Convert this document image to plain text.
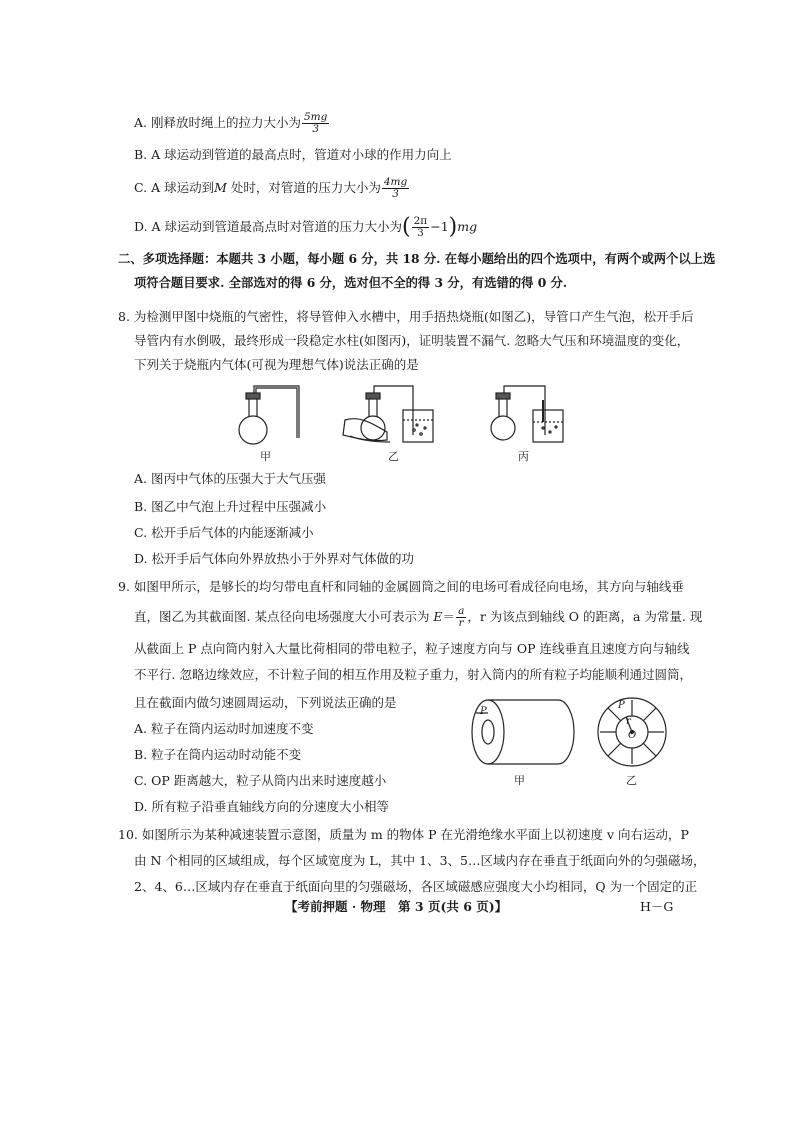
A. 刚释放时绳上的拉力大小为 $\frac{5mg}{3}$
B. A 球运动到管道的最高点时，管道对小球的作用力向上
C. A 球运动到M 处时，对管道的压力大小为 $\frac{4mg}{3}$
D. A 球运动到管道最高点时对管道的压力大小为( $\frac{2\pi}{3} -1)mg$
二、多项选择题：本题共 3 小题，每小题 6 分，共 18 分. 在每小题给出的四个选项中，有两个或两个以上选
项符合题目要求. 全部选对的得 6 分，选对但不全的得 3 分，有选错的得 0 分.
8. 为检测甲图中烧瓶的气密性，将导管伸入水槽中，用手捂热烧瓶(如图乙)，导管口产生气泡，松开手后
导管内有水倒吸，最终形成一段稳定水柱(如图丙)，证明装置不漏气. 忽略大气压和环境温度的变化，
下列关于烧瓶内气体(可视为理想气体)说法正确的是
甲	乙	丙
A. 图丙中气体的压强大于大气压强
B. 图乙中气泡上升过程中压强减小
C. 松开手后气体的内能逐渐减小
D. 松开手后气体向外界放热小于外界对气体做的功
9. 如图甲所示，是够长的均匀带电直杆和同轴的金属圆筒之间的电场可看成径向电场，其方向与轴线垂
直，图乙为其截面图. 某点径向电场强度大小可表示为 $E= \frac{a}{r}$ ，r 为该点到轴线 O 的距离，a 为常量. 现
从截面上 P 点向筒内射入大量比荷相同的带电粒子，粒子速度方向与 OP 连线垂直且速度方向与轴线
不平行. 忽略边缘效应，不计粒子间的相互作用及粒子重力，射入筒内的所有粒子均能顺利通过圆筒，
且在截面内做匀速圆周运动，下列说法正确的是
A. 粒子在筒内运动时加速度不变
B. 粒子在筒内运动时动能不变
C. OP 距离越大，粒子从筒内出来时速度越小
D. 所有粒子沿垂直轴线方向的分速度大小相等
P
P
r
O
甲	乙
10. 如图所示为某种减速装置示意图，质量为 m 的物体 P 在光滑绝缘水平面上以初速度 v 向右运动，P
由 N 个相同的区域组成，每个区域宽度为 L，其中 1、3、5…区域内存在垂直于纸面向外的匀强磁场，
2、4、6…区域内存在垂直于纸面向里的匀强磁场，各区域磁感应强度大小均相同，Q 为一个固定的正
【考前押题 · 物理　第 3 页(共 6 页)】	H－G
